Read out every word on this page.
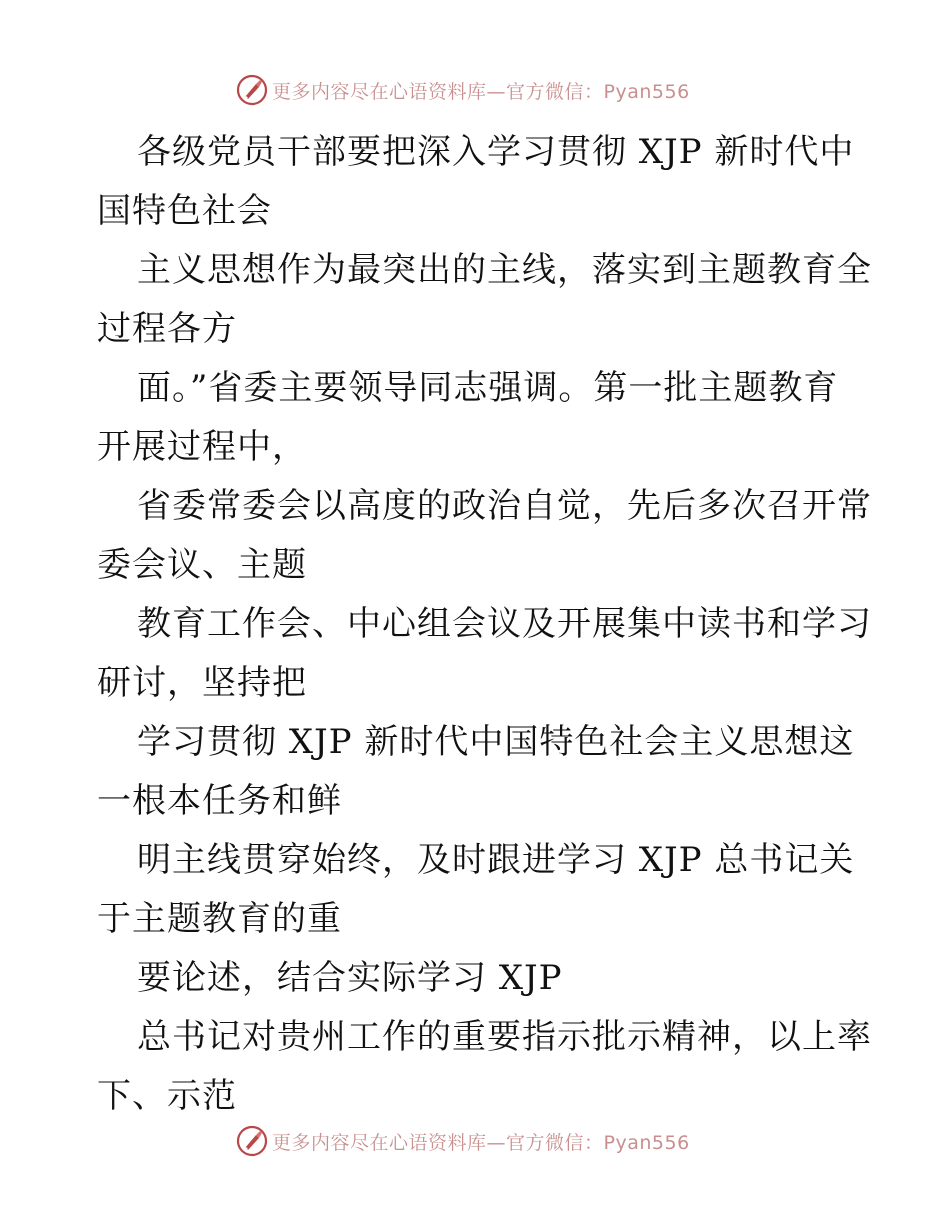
更多内容尽在心语资料库—官方微信：Pyan556
各级党员干部要把深入学习贯彻 XJP 新时代中
国特色社会
主义思想作为最突出的主线，落实到主题教育全
过程各方
面。”省委主要领导同志强调。第一批主题教育
开展过程中，
省委常委会以高度的政治自觉，先后多次召开常
委会议、主题
教育工作会、中心组会议及开展集中读书和学习
研讨，坚持把
学习贯彻 XJP 新时代中国特色社会主义思想这
一根本任务和鲜
明主线贯穿始终，及时跟进学习 XJP 总书记关
于主题教育的重
要论述，结合实际学习 XJP
总书记对贵州工作的重要指示批示精神，以上率
下、示范
更多内容尽在心语资料库—官方微信：Pyan556
